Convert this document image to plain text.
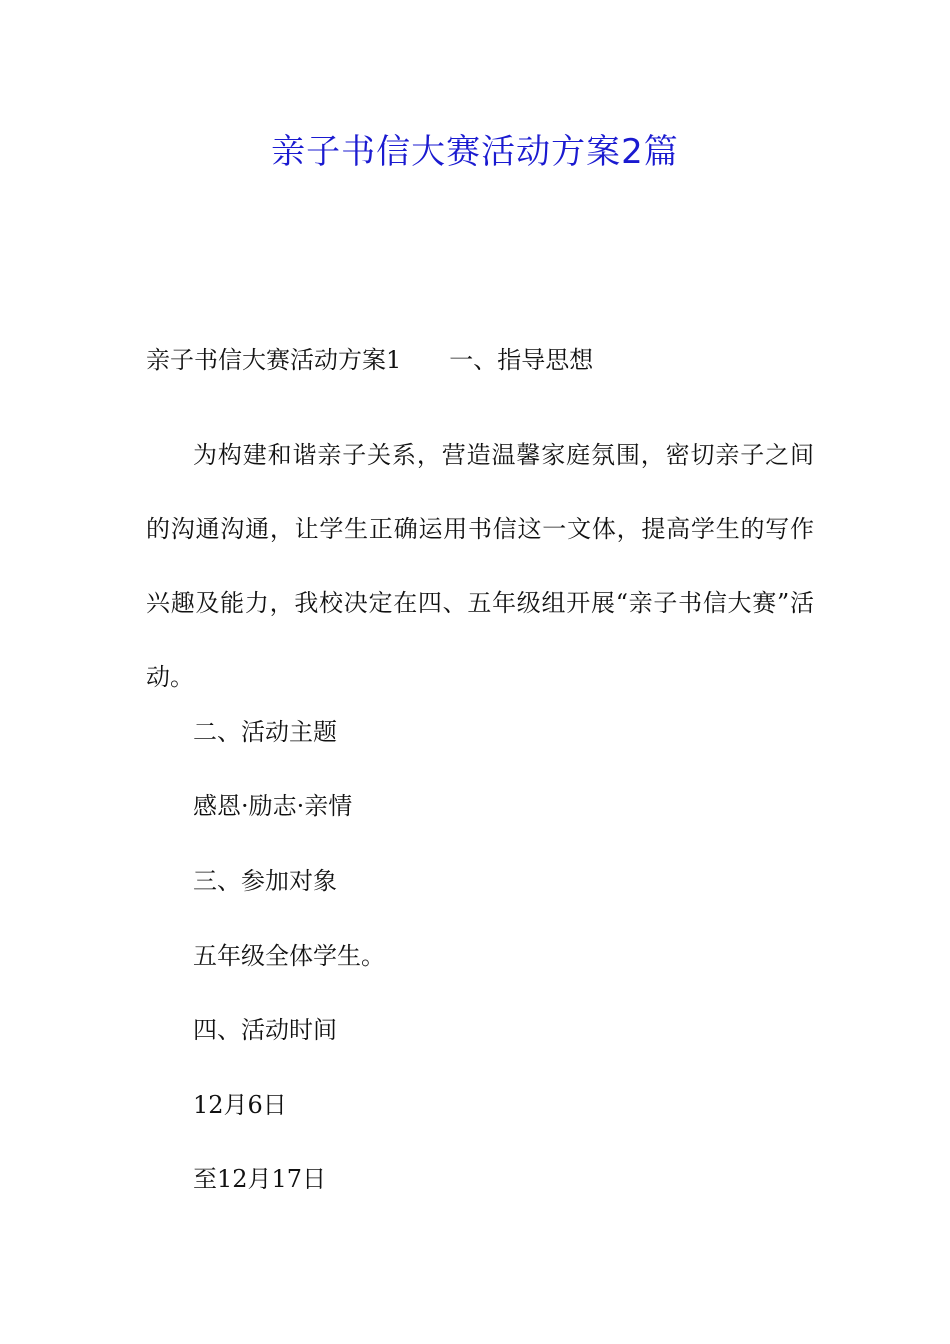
亲子书信大赛活动方案2篇
亲子书信大赛活动方案1 一、指导思想

为构建和谐亲子关系，营造温馨家庭氛围，密切亲子之间的沟通沟通，让学生正确运用书信这一文体，提高学生的写作兴趣及能力，我校决定在四、五年级组开展“亲子书信大赛”活动。

二、活动主题
感恩·励志·亲情
三、参加对象
五年级全体学生。
四、活动时间
12月6日
至12月17日
